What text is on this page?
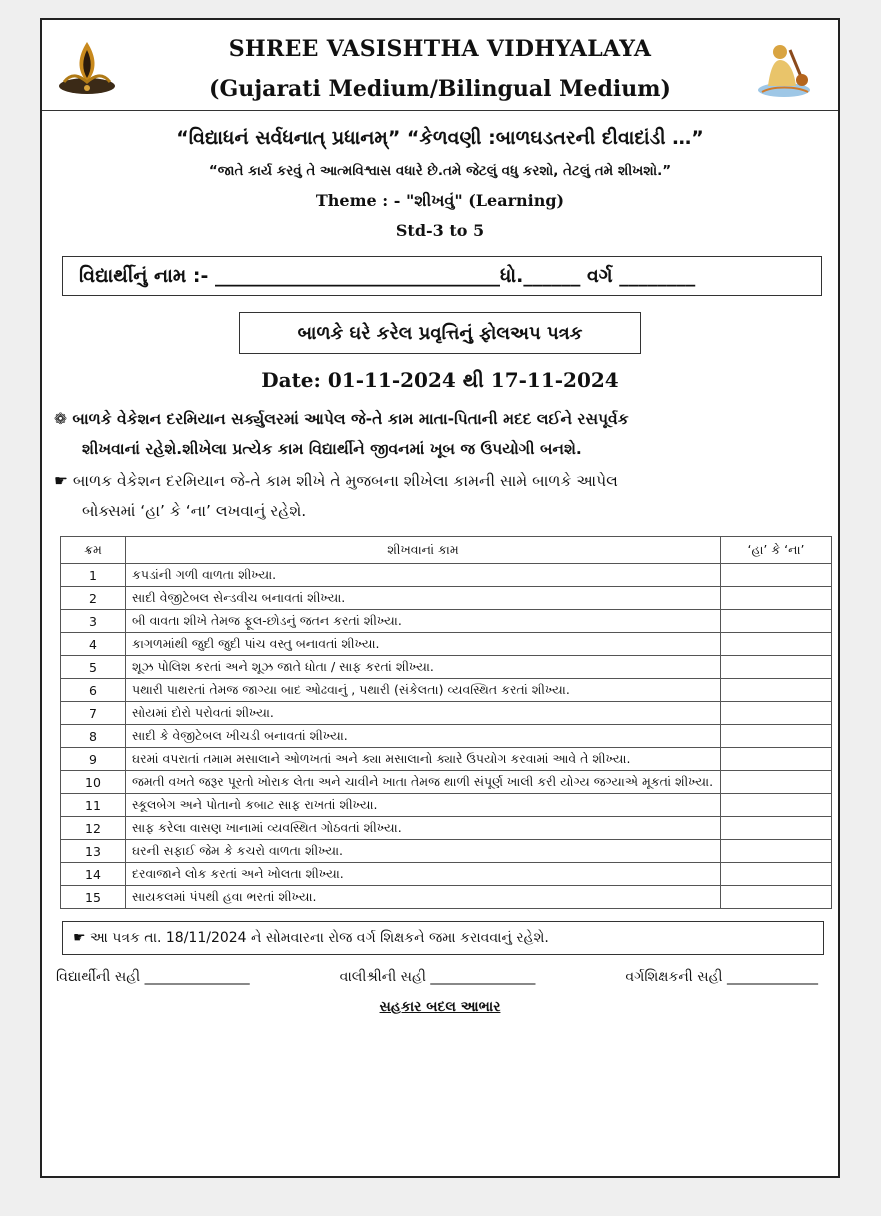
SHREE VASISHTHA VIDHYALAYA
(Gujarati Medium/Bilingual Medium)
“વિદ્યાધનં સર્વધનાત્ પ્રધાનમ્” “કેળવણી :બાળઘડતરની દીવાદાંડી …”
“જાતે કાર્ય કરવું તે આત્મવિશ્વાસ વધારે છે.તમે જેટલું વધુ કરશો, તેટલું તમે શીખશો.”
Theme : - "શીખવું" (Learning)
Std-3 to 5
વિદ્યાર્થીનું નામ :- ______________________________ધો.______ વર્ગ ________
બાળકે ઘરે કરેલ પ્રવૃત્તિનું ફોલઅપ પત્રક
Date: 01-11-2024 થી 17-11-2024
❁ બાળકે વેકેશન દરમિયાન સર્ક્યુલરમાં આપેલ જે-તે કામ માતા-પિતાની મદદ લઈને રસપૂર્વક
શીખવાનાં રહેશે.શીખેલા પ્રત્યેક કામ વિદ્યાર્થીને જીવનમાં ખૂબ જ ઉપયોગી બનશે.
☛ બાળક વેકેશન દરમિયાન જે-તે કામ શીખે તે મુજબના શીખેલા કામની સામે બાળકે આપેલ
બોક્સમાં ‘હા’ કે ‘ના’ લખવાનું રહેશે.
ક્રમ	શીખવાનાં કામ	‘હા’ કે ‘ના’
1	કપડાંની ગળી વાળતા શીખ્યા.	
2	સાદી વેજીટેબલ સેન્ડવીચ બનાવતાં શીખ્યા.	
3	બી વાવતા શીખે તેમજ ફૂલ-છોડનું જતન કરતાં શીખ્યા.	
4	કાગળમાંથી જુદી જુદી પાંચ વસ્તુ બનાવતાં શીખ્યા.	
5	શૂઝ પોલિશ કરતાં અને શૂઝ જાતે ધોતા / સાફ કરતાં શીખ્યા.	
6	પથારી પાથરતાં તેમજ જાગ્યા બાદ ઓઢવાનું , પથારી (સંકેલતા) વ્યવસ્થિત કરતાં શીખ્યા.	
7	સોયમાં દોરો પરોવતાં શીખ્યા.	
8	સાદી કે વેજીટેબલ ખીચડી બનાવતાં શીખ્યા.	
9	ઘરમાં વપરાતાં તમામ મસાલાને ઓળખતાં અને ક્યા મસાલાનો ક્યારે ઉપયોગ કરવામાં આવે તે શીખ્યા.	
10	જમતી વખતે જરૂર પૂરતો ખોરાક લેતા અને ચાવીને ખાતા તેમજ થાળી સંપૂર્ણ ખાલી કરી યોગ્ય જગ્યાએ મૂકતાં શીખ્યા.	
11	સ્કૂલબેગ અને પોતાનો કબાટ સાફ રાખતાં શીખ્યા.	
12	સાફ કરેલા વાસણ ખાનામાં વ્યવસ્થિત ગોઠવતાં શીખ્યા.	
13	ઘરની સફાઈ જેમ કે કચરો વાળતા શીખ્યા.	
14	દરવાજાને લોક કરતાં અને ખોલતા શીખ્યા.	
15	સાયકલમાં પંપથી હવા ભરતાં શીખ્યા.	
☛ આ પત્રક તા. 18/11/2024 ને સોમવારના રોજ વર્ગ શિક્ષકને જમા કરાવવાનું રહેશે.
વિદ્યાર્થીની સહી _______________	વાલીશ્રીની સહી _______________	વર્ગશિક્ષકની સહી _____________
સહકાર બદલ આભાર
